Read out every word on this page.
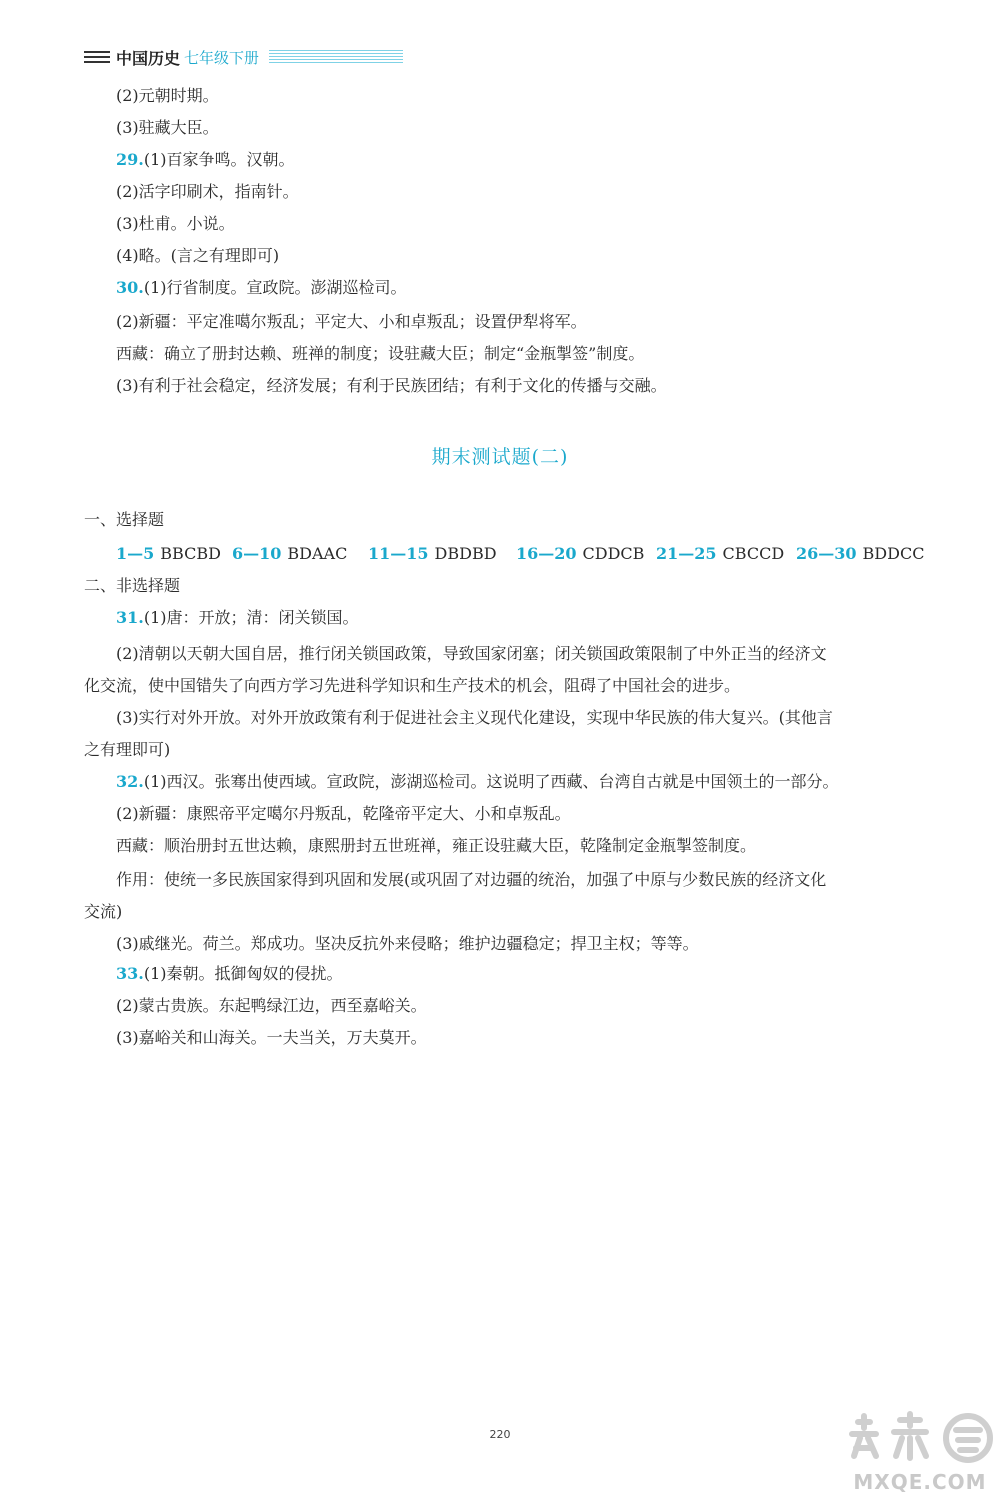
中国历史 七年级下册
(2)元朝时期。
(3)驻藏大臣。
29.(1)百家争鸣。汉朝。
(2)活字印刷术，指南针。
(3)杜甫。小说。
(4)略。(言之有理即可)
30.(1)行省制度。宣政院。澎湖巡检司。
(2)新疆：平定准噶尔叛乱；平定大、小和卓叛乱；设置伊犁将军。
西藏：确立了册封达赖、班禅的制度；设驻藏大臣；制定“金瓶掣签”制度。
(3)有利于社会稳定，经济发展；有利于民族团结；有利于文化的传播与交融。
期末测试题(二)
一、选择题
1—5 BBCBD 6—10 BDAAC 11—15 DBDBD 16—20 CDDCB 21—25 CBCCD 26—30 BDDCC
二、非选择题
31.(1)唐：开放；清：闭关锁国。
(2)清朝以天朝大国自居，推行闭关锁国政策，导致国家闭塞；闭关锁国政策限制了中外正当的经济文
化交流，使中国错失了向西方学习先进科学知识和生产技术的机会，阻碍了中国社会的进步。
(3)实行对外开放。对外开放政策有利于促进社会主义现代化建设，实现中华民族的伟大复兴。(其他言
之有理即可)
32.(1)西汉。张骞出使西域。宣政院，澎湖巡检司。这说明了西藏、台湾自古就是中国领土的一部分。
(2)新疆：康熙帝平定噶尔丹叛乱，乾隆帝平定大、小和卓叛乱。
西藏：顺治册封五世达赖，康熙册封五世班禅，雍正设驻藏大臣，乾隆制定金瓶掣签制度。
作用：使统一多民族国家得到巩固和发展(或巩固了对边疆的统治，加强了中原与少数民族的经济文化
交流)
(3)戚继光。荷兰。郑成功。坚决反抗外来侵略；维护边疆稳定；捍卫主权；等等。
33.(1)秦朝。抵御匈奴的侵扰。
(2)蒙古贵族。东起鸭绿江边，西至嘉峪关。
(3)嘉峪关和山海关。一夫当关，万夫莫开。
220
MXQE.COM
